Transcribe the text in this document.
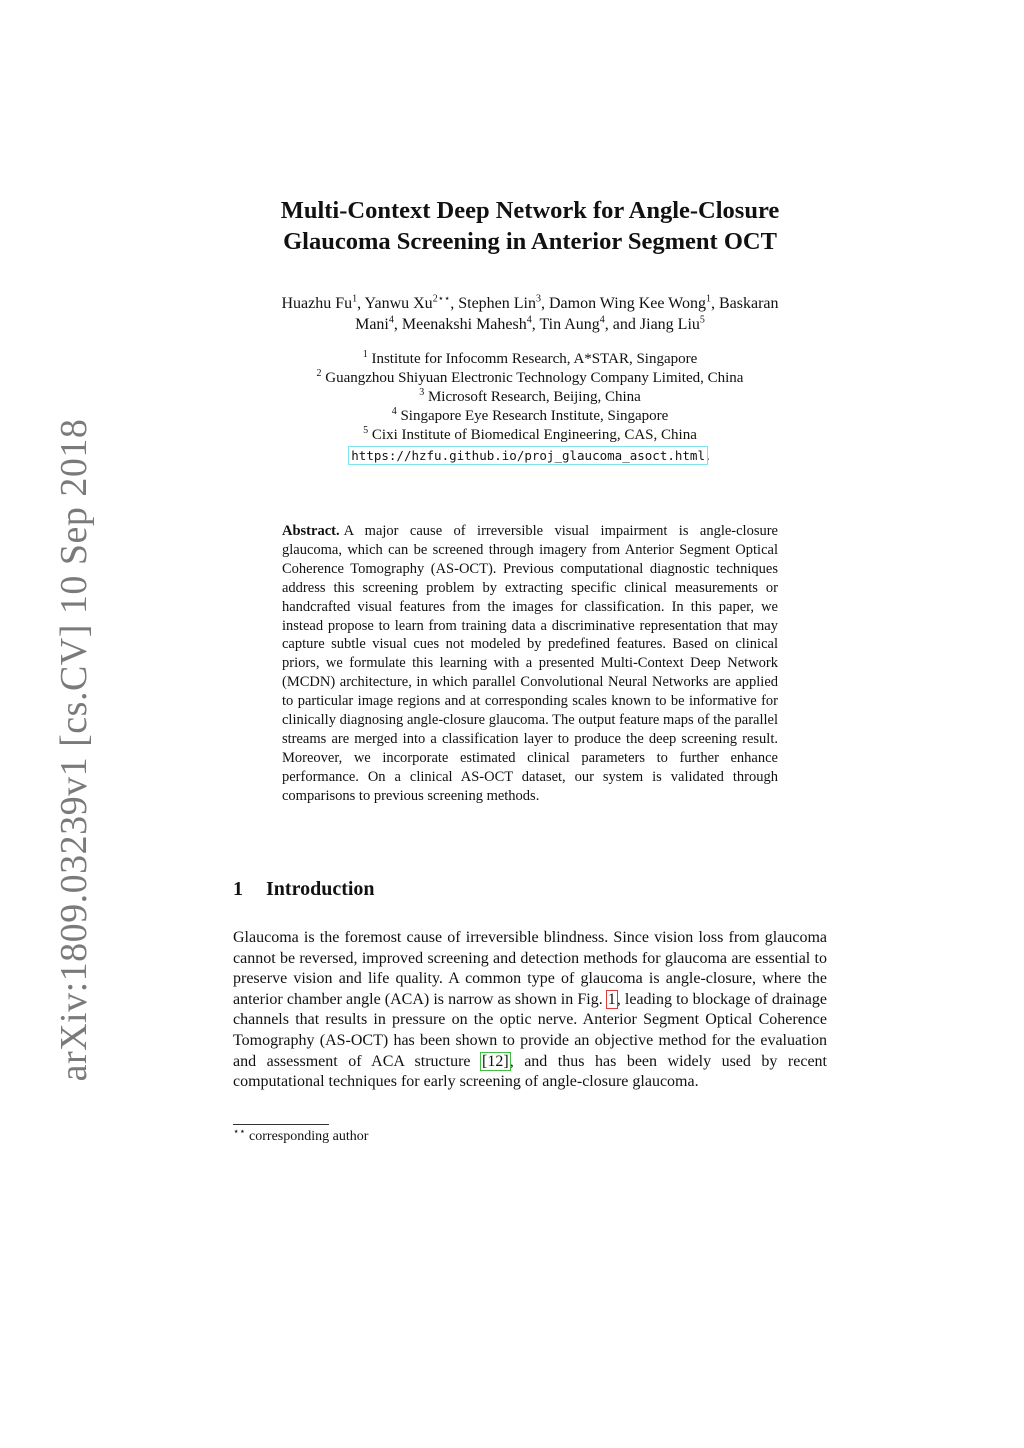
arXiv:1809.03239v1 [cs.CV] 10 Sep 2018
Multi-Context Deep Network for Angle-Closure
Glaucoma Screening in Anterior Segment OCT
Huazhu Fu$^1$, Yanwu $Xu^{2⋆⋆}$, Stephen Lin$^3$, Damon Wing Kee Wong$^1$, Baskaran
Mani$^4$, Meenakshi Mahesh$^4$, Tin Aung$^4$, and Jiang Liu$^5$
$^1$ Institute for Infocomm Research, A*STAR, Singapore
$^2$ Guangzhou Shiyuan Electronic Technology Company Limited, China
$^3$ Microsoft Research, Beijing, China
$^4$ Singapore Eye Research Institute, Singapore
$^5$ Cixi Institute of Biomedical Engineering, CAS, China
https://hzfu.github.io/proj_glaucoma_asoct.html.
Abstract. A major cause of irreversible visual impairment is angle-closure glaucoma, which can be screened through imagery from Anterior Segment Optical Coherence Tomography (AS-OCT). Previous computational diagnostic techniques address this screening problem by extracting specific clinical measurements or handcrafted visual features from the images for classification. In this paper, we instead propose to learn from training data a discriminative representation that may capture subtle visual cues not modeled by predefined features. Based on clinical priors, we formulate this learning with a presented Multi-Context Deep Network (MCDN) architecture, in which parallel Convolutional Neural Networks are applied to particular image regions and at corresponding scales known to be informative for clinically diagnosing angle-closure glaucoma. The output feature maps of the parallel streams are merged into a classification layer to produce the deep screening result. Moreover, we incorporate estimated clinical parameters to further enhance performance. On a clinical AS-OCT dataset, our system is validated through comparisons to previous screening methods.
1 Introduction
Glaucoma is the foremost cause of irreversible blindness. Since vision loss from glaucoma cannot be reversed, improved screening and detection methods for glaucoma are essential to preserve vision and life quality. A common type of glaucoma is angle-closure, where the anterior chamber angle (ACA) is narrow as shown in Fig. 1, leading to blockage of drainage channels that results in pressure on the optic nerve. Anterior Segment Optical Coherence Tomography (AS-OCT) has been shown to provide an objective method for the evaluation and assessment of ACA structure [12], and thus has been widely used by recent computational techniques for early screening of angle-closure glaucoma.
⋆⋆ corresponding author
